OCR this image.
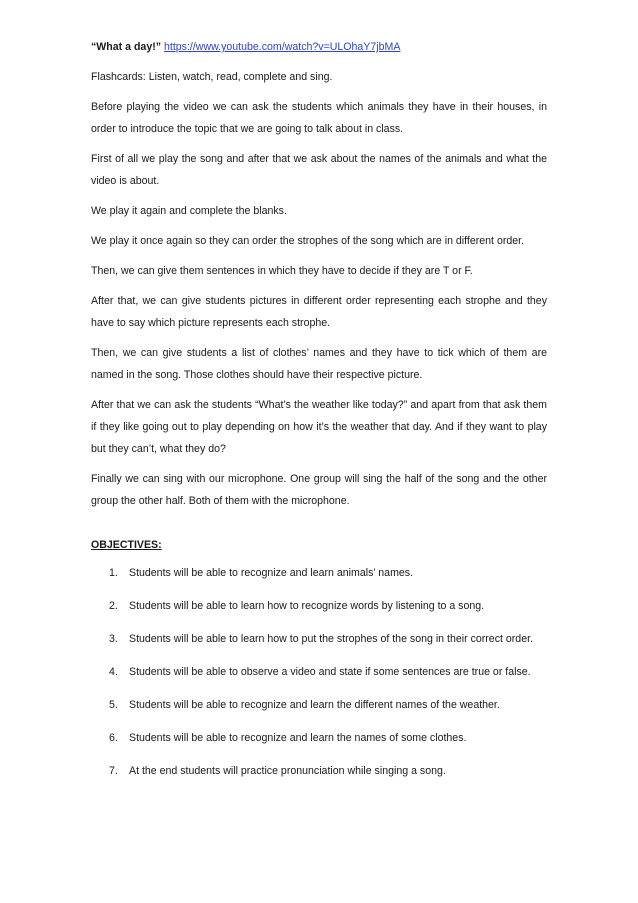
“What a day!” https://www.youtube.com/watch?v=ULOhaY7jbMA

Flashcards: Listen, watch, read, complete and sing.

Before playing the video we can ask the students which animals they have in their houses, in order to introduce the topic that we are going to talk about in class.

First of all we play the song and after that we ask about the names of the animals and what the video is about.

We play it again and complete the blanks.

We play it once again so they can order the strophes of the song which are in different order.

Then, we can give them sentences in which they have to decide if they are T or F.

After that, we can give students pictures in different order representing each strophe and they have to say which picture represents each strophe.

Then, we can give students a list of clothes’ names and they have to tick which of them are named in the song. Those clothes should have their respective picture.

After that we can ask the students “What’s the weather like today?” and apart from that ask them if they like going out to play depending on how it’s the weather that day. And if they want to play but they can’t, what they do?

Finally we can sing with our microphone. One group will sing the half of the song and the other group the other half. Both of them with the microphone.

OBJECTIVES:
1.	Students will be able to recognize and learn animals’ names.
2.	Students will be able to learn how to recognize words by listening to a song.
3.	Students will be able to learn how to put the strophes of the song in their correct order.
4.	Students will be able to observe a video and state if some sentences are true or false.
5.	Students will be able to recognize and learn the different names of the weather.
6.	Students will be able to recognize and learn the names of some clothes.
7.	At the end students will practice pronunciation while singing a song.
